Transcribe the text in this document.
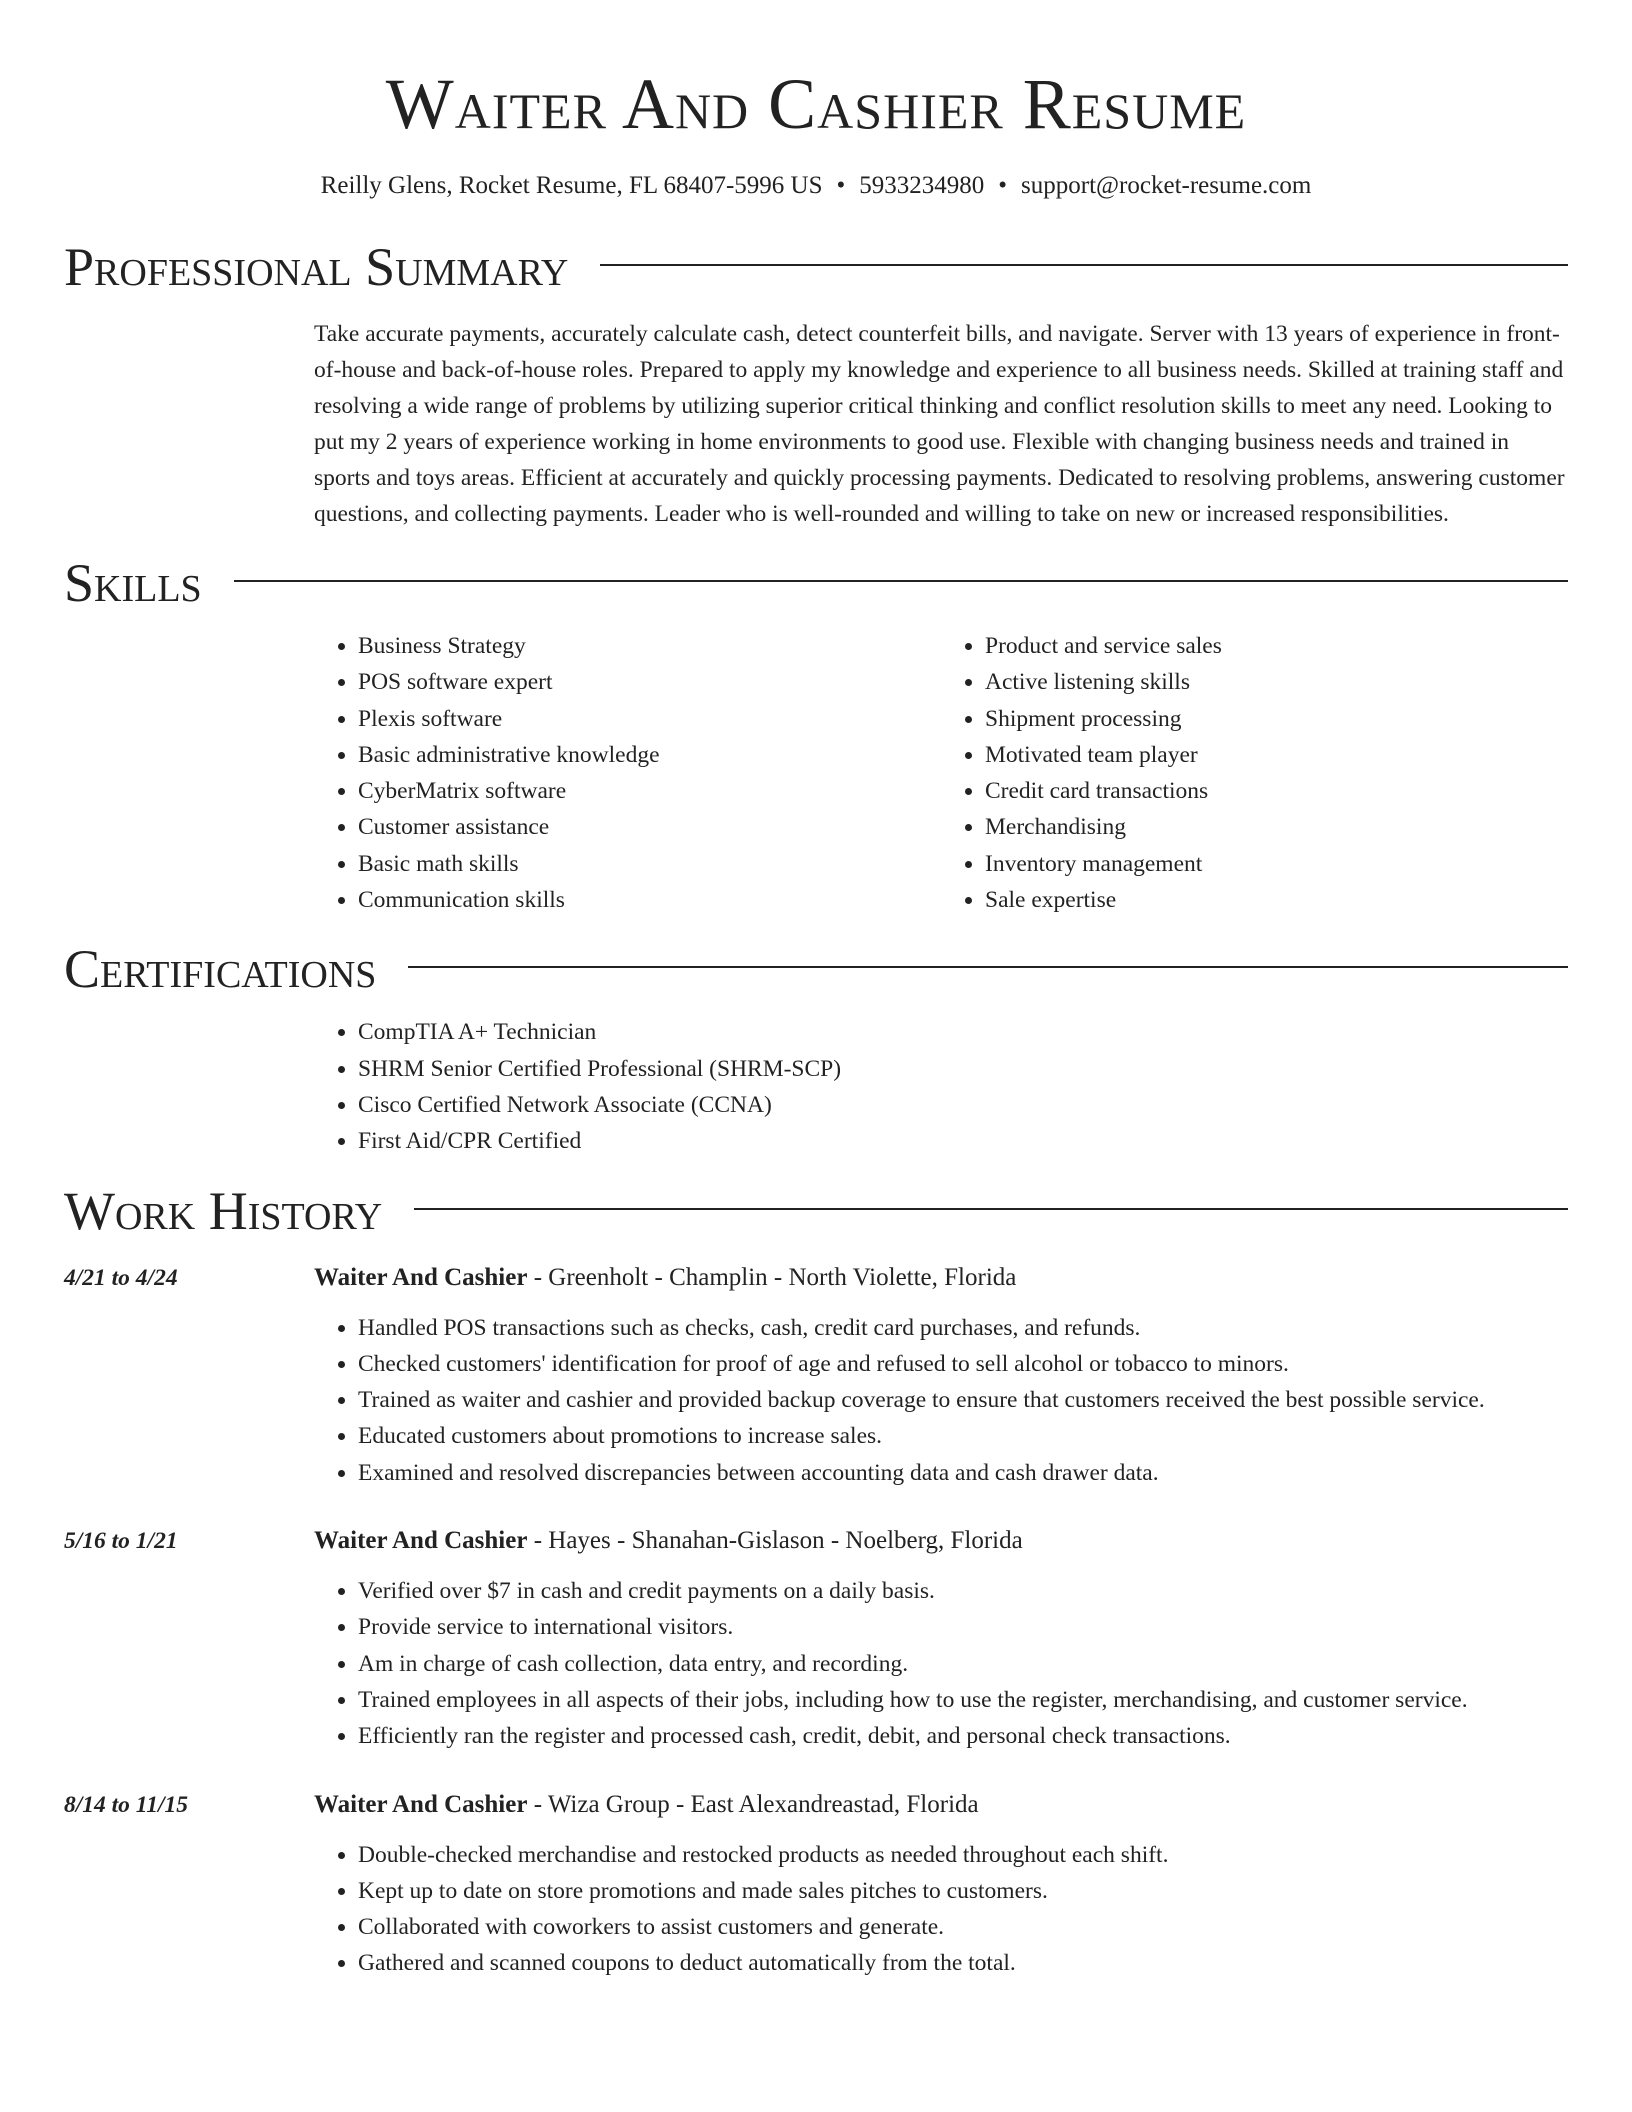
Waiter And Cashier Resume
Reilly Glens, Rocket Resume, FL 68407-5996 US • 5933234980 • support@rocket-resume.com
Professional Summary

Take accurate payments, accurately calculate cash, detect counterfeit bills, and navigate. Server with 13 years of experience in front-of-house and back-of-house roles. Prepared to apply my knowledge and experience to all business needs. Skilled at training staff and resolving a wide range of problems by utilizing superior critical thinking and conflict resolution skills to meet any need. Looking to put my 2 years of experience working in home environments to good use. Flexible with changing business needs and trained in sports and toys areas. Efficient at accurately and quickly processing payments. Dedicated to resolving problems, answering customer questions, and collecting payments. Leader who is well-rounded and willing to take on new or increased responsibilities.

Skills
• Business Strategy
• POS software expert
• Plexis software
• Basic administrative knowledge
• CyberMatrix software
• Customer assistance
• Basic math skills
• Communication skills
• Product and service sales
• Active listening skills
• Shipment processing
• Motivated team player
• Credit card transactions
• Merchandising
• Inventory management
• Sale expertise
Certifications
• CompTIA A+ Technician
• SHRM Senior Certified Professional (SHRM-SCP)
• Cisco Certified Network Associate (CCNA)
• First Aid/CPR Certified
Work History
4/21 to 4/24	Waiter And Cashier - Greenholt - Champlin - North Violette, Florida
• Handled POS transactions such as checks, cash, credit card purchases, and refunds.
• Checked customers' identification for proof of age and refused to sell alcohol or tobacco to minors.
• Trained as waiter and cashier and provided backup coverage to ensure that customers received the best possible service.
• Educated customers about promotions to increase sales.
• Examined and resolved discrepancies between accounting data and cash drawer data.
5/16 to 1/21	Waiter And Cashier - Hayes - Shanahan-Gislason - Noelberg, Florida
• Verified over $7 in cash and credit payments on a daily basis.
• Provide service to international visitors.
• Am in charge of cash collection, data entry, and recording.
• Trained employees in all aspects of their jobs, including how to use the register, merchandising, and customer service.
• Efficiently ran the register and processed cash, credit, debit, and personal check transactions.
8/14 to 11/15	Waiter And Cashier - Wiza Group - East Alexandreastad, Florida
• Double-checked merchandise and restocked products as needed throughout each shift.
• Kept up to date on store promotions and made sales pitches to customers.
• Collaborated with coworkers to assist customers and generate.
• Gathered and scanned coupons to deduct automatically from the total.
